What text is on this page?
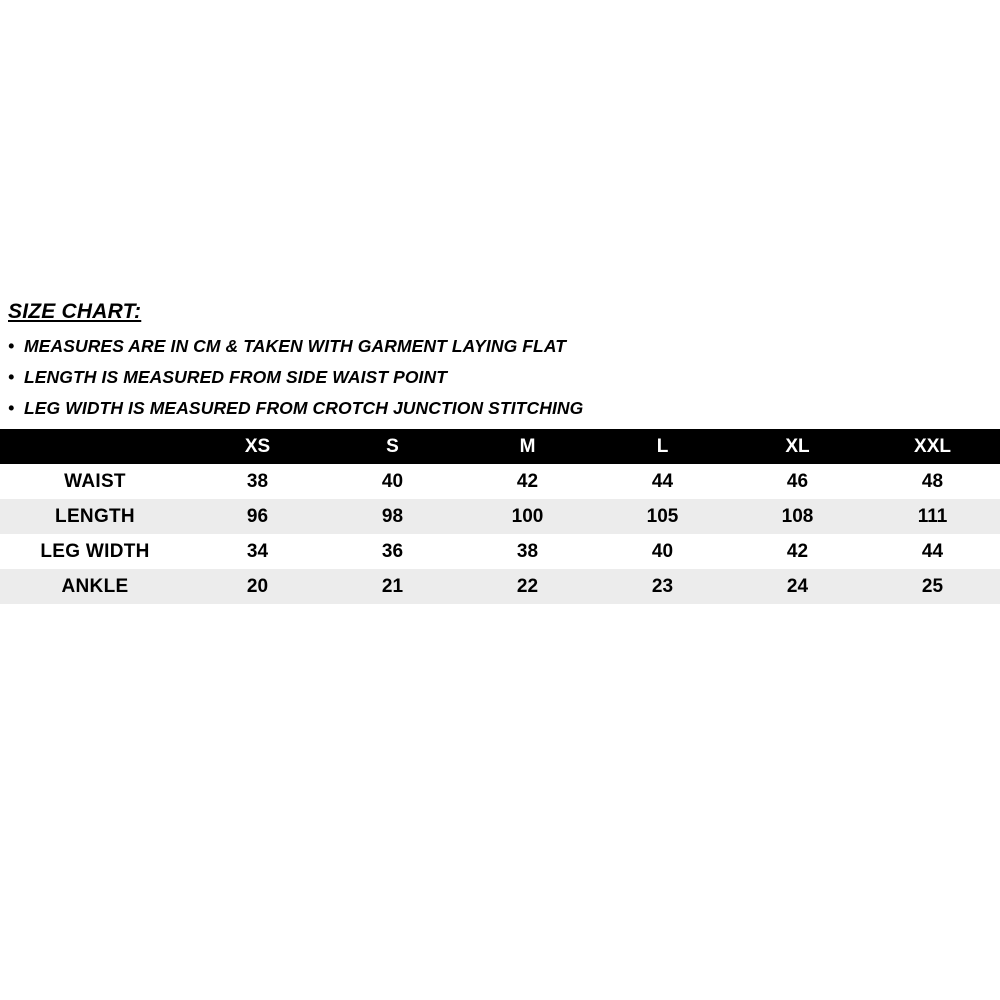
SIZE CHART:
• MEASURES ARE IN CM & TAKEN WITH GARMENT LAYING FLAT
• LENGTH IS MEASURED FROM SIDE WAIST POINT
• LEG WIDTH IS MEASURED FROM CROTCH JUNCTION STITCHING
	XS	S	M	L	XL	XXL
WAIST	38	40	42	44	46	48
LENGTH	96	98	100	105	108	111
LEG WIDTH	34	36	38	40	42	44
ANKLE	20	21	22	23	24	25
